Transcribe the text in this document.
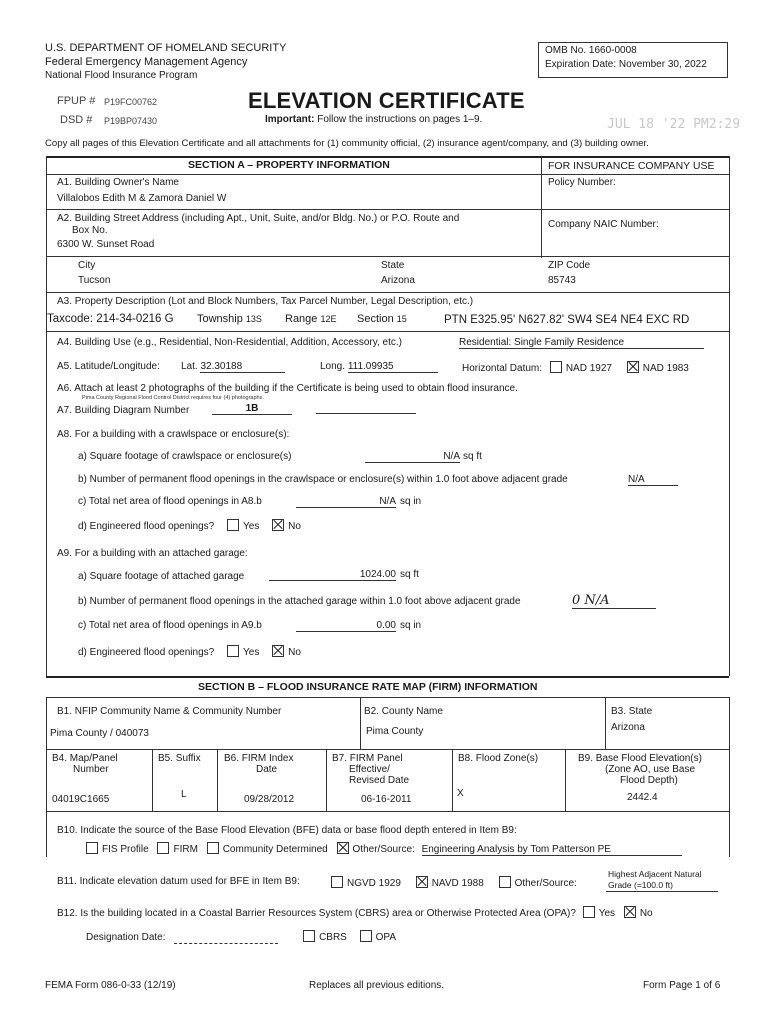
U.S. DEPARTMENT OF HOMELAND SECURITY
Federal Emergency Management Agency
National Flood Insurance Program
OMB No. 1660-0008
Expiration Date: November 30, 2022
FPUP # P19FC00762
DSD # P19BP07430
ELEVATION CERTIFICATE
Important: Follow the instructions on pages 1–9.	JUL 18 '22 PM2:29
Copy all pages of this Elevation Certificate and all attachments for (1) community official, (2) insurance agent/company, and (3) building owner.
SECTION A – PROPERTY INFORMATION	FOR INSURANCE COMPANY USE
A1. Building Owner's Name
Villalobos Edith M & Zamora Daniel W
Policy Number:
A2. Building Street Address (including Apt., Unit, Suite, and/or Bldg. No.) or P.O. Route and
Box No.
6300 W. Sunset Road
Company NAIC Number:
City
Tucson
State
Arizona
ZIP Code
85743
A3. Property Description (Lot and Block Numbers, Tax Parcel Number, Legal Description, etc.)
Taxcode: 214-34-0216 G Township 13S Range 12E Section 15	PTN E325.95' N627.82' SW4 SE4 NE4 EXC RD
A4. Building Use (e.g., Residential, Non-Residential, Addition, Accessory, etc.)	Residential: Single Family Residence
A5. Latitude/Longitude: Lat. 32.30188	Long. 111.09935	Horizontal Datum: NAD 1927	NAD 1983
A6. Attach at least 2 photographs of the building if the Certificate is being used to obtain flood insurance.
Pima County Regional Flood Control District requires four (4) photographs.
A7. Building Diagram Number	1B
A8. For a building with a crawlspace or enclosure(s):
a) Square footage of crawlspace or enclosure(s)	N/A sq ft
b) Number of permanent flood openings in the crawlspace or enclosure(s) within 1.0 foot above adjacent grade	N/A
c) Total net area of flood openings in A8.b	N/A sq in
d) Engineered flood openings?	Yes	No
A9. For a building with an attached garage:
a) Square footage of attached garage	1024.00 sq ft
b) Number of permanent flood openings in the attached garage within 1.0 foot above adjacent grade	0 N/A
c) Total net area of flood openings in A9.b	0.00 sq in
d) Engineered flood openings?	Yes	No
SECTION B – FLOOD INSURANCE RATE MAP (FIRM) INFORMATION
B1. NFIP Community Name & Community Number
Pima County / 040073
B2. County Name
Pima County
B3. State
Arizona
B4. Map/Panel
Number
04019C1665
B5. Suffix
L
B6. FIRM Index
Date
09/28/2012
B7. FIRM Panel
Effective/
Revised Date
06-16-2011
B8. Flood Zone(s)
X
B9. Base Flood Elevation(s)
(Zone AO, use Base
Flood Depth)
2442.4
B10. Indicate the source of the Base Flood Elevation (BFE) data or base flood depth entered in Item B9:
FIS Profile FIRM Community Determined Other/Source: Engineering Analysis by Tom Patterson PE
B11. Indicate elevation datum used for BFE in Item B9:	NGVD 1929	NAVD 1988	Other/Source:
Highest Adjacent Natural
Grade (=100.0 ft)
B12. Is the building located in a Coastal Barrier Resources System (CBRS) area or Otherwise Protected Area (OPA)? Yes No
Designation Date:	CBRS	OPA
FEMA Form 086-0-33 (12/19)	Replaces all previous editions.	Form Page 1 of 6
